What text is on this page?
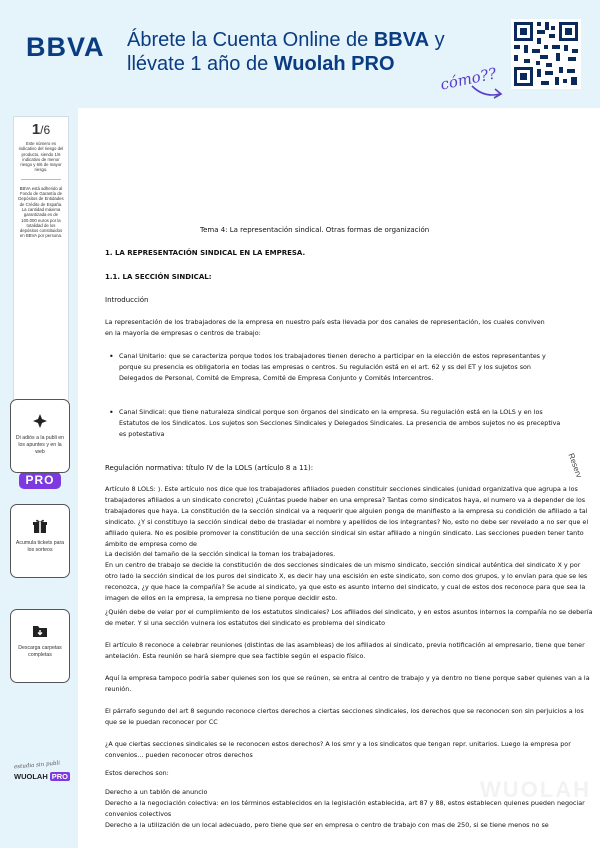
BBVA Ábrete la Cuenta Online de BBVA y
llévate 1 año de Wuolah PRO
cómo??
1/6
Este número es indicativo del riesgo del producto, siendo 1/6 indicativo de menor riesgo y 6/6 de mayor riesgo.
BBVA está adherido al Fondo de Garantía de Depósitos de Entidades de Crédito de España. La cantidad máxima garantizada es de 100.000 euros por la totalidad de los depósitos constituidos en BBVA por persona.
PRO
Di adiós a la publi en los apuntes y en la web
Acumula tickets para los sorteos
Descarga carpetas completas
estudia sin publi
WUOLAH PRO
Tema 4: La representación sindical. Otras formas de organización
1. LA REPRESENTACIÓN SINDICAL EN LA EMPRESA.
1.1. LA SECCIÓN SINDICAL:
Introducción
La representación de los trabajadores de la empresa en nuestro país esta llevada por dos canales de representación, los cuales conviven en la mayoría de empresas o centros de trabajo:
• Canal Unitario: que se caracteriza porque todos los trabajadores tienen derecho a participar en la elección de estos representantes y porque su presencia es obligatoria en todas las empresas o centros. Su regulación está en el art. 62 y ss del ET y los sujetos son Delegados de Personal, Comité de Empresa, Comité de Empresa Conjunto y Comités Intercentros.
• Canal Sindical: que tiene naturaleza sindical porque son órganos del sindicato en la empresa. Su regulación está en la LOLS y en los Estatutos de los Sindicatos. Los sujetos son Secciones Sindicales y Delegados Sindicales. La presencia de ambos sujetos no es preceptiva es potestativa
Regulación normativa: título IV de la LOLS (artículo 8 a 11):
Artículo 8 LOLS: ). Este artículo nos dice que los trabajadores afiliados pueden constituir secciones sindicales (unidad organizativa que agrupa a los trabajadores afiliados a un sindicato concreto) ¿Cuántas puede haber en una empresa? Tantas como sindicatos haya, el numero va a depender de los trabajadores que haya. La constitución de la sección sindical va a requerir que alguien ponga de manifiesto a la empresa su condición de afiliado a tal sindicato. ¿Y si constituyo la sección sindical debo de trasladar el nombre y apellidos de los integrantes? No, esto no debe ser revelado a no ser que el afiliado quiera. No es posible promover la constitución de una sección sindical sin estar afiliado a ningún sindicato. Las secciones pueden tener tanto ámbito de empresa como de
La decisión del tamaño de la sección sindical la toman los trabajadores.
En un centro de trabajo se decide la constitución de dos secciones sindicales de un mismo sindicato, sección sindical auténtica del sindicato X y por otro lado la sección sindical de los puros del sindicato X, es decir hay una escisión en este sindicato, son como dos grupos, y lo envían para que se les reconozca, ¿y que hace la compañía? Se acude al sindicato, ya que esto es asunto interno del sindicato, y cual de estos dos reconoce para que sea la imagen de ellos en la empresa, la empresa no tiene porque decidir esto.
¿Quién debe de velar por el cumplimiento de los estatutos sindicales? Los afiliados del sindicato, y en estos asuntos internos la compañía no se debería de meter. Y si una sección vulnera los estatutos del sindicato es problema del sindicato
El artículo 8 reconoce a celebrar reuniones (distintas de las asambleas) de los afiliados al sindicato, previa notificación al empresario, tiene que tener antelación. Esta reunión se hará siempre que sea factible según el espacio físico.
Aquí la empresa tampoco podría saber quienes son los que se reúnen, se entra al centro de trabajo y ya dentro no tiene porque saber quienes van a la reunión.
El párrafo segundo del art 8 segundo reconoce ciertos derechos a ciertas secciones sindicales, los derechos que se reconocen son sin perjuicios a los que se le puedan reconocer por CC
¿A que ciertas secciones sindicales se le reconocen estos derechos? A los smr y a los sindicatos que tengan repr. unitarios. Luego la empresa por convenios... pueden reconocer otros derechos
Estos derechos son:
Derecho a un tablón de anuncio
Derecho a la negociación colectiva: en los términos establecidos en la legislación establecida, art 87 y 88, estos establecen quienes pueden negociar convenios colectivos
Derecho a la utilización de un local adecuado, pero tiene que ser en empresa o centro de trabajo con mas de 250, si se tiene menos no se
Reserv
WUOLAH
